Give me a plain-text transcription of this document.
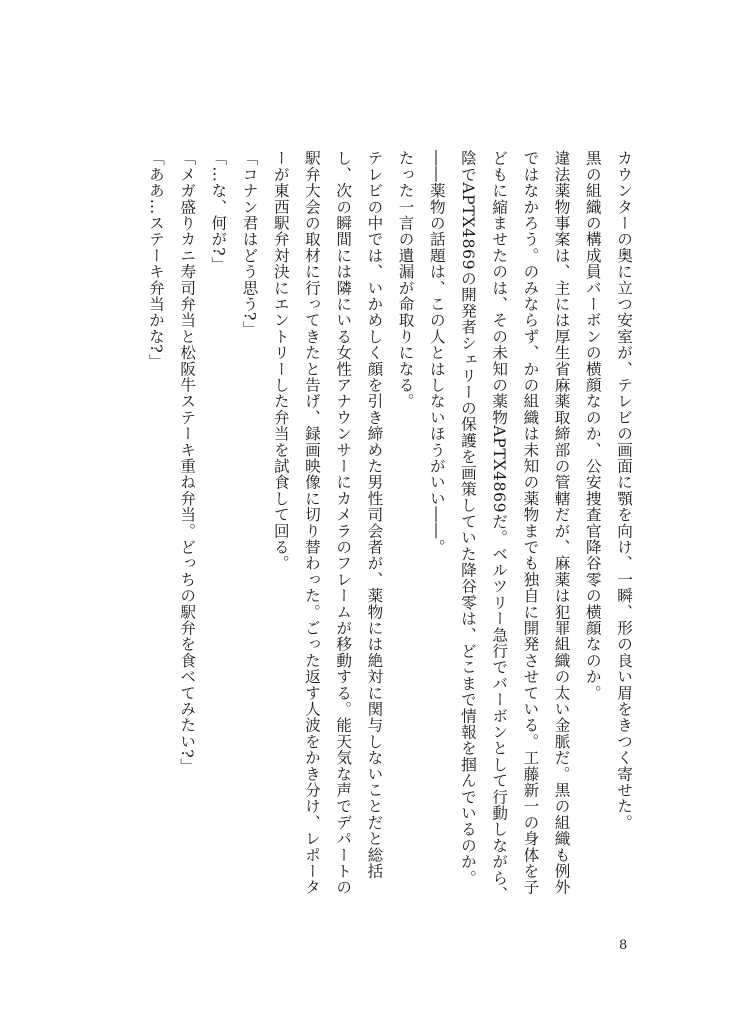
カウンターの奥に立つ安室が、テレビの画面に顎を向け、一瞬、形の良い眉をきつく寄せた。

黒の組織の構成員バーボンの横顔なのか、公安捜査官降谷零の横顔なのか。

違法薬物事案は、主には厚生省麻薬取締部の管轄だが、麻薬は犯罪組織の太い金脈だ。黒の組織も例外ではなかろう。のみならず、かの組織は未知の薬物までも独自に開発させている。工藤新一の身体を子どもに縮ませたのは、その未知の薬物APTX4869だ。ベルツリー急行でバーボンとして行動しながら、陰でAPTX4869の開発者シェリーの保護を画策していた降谷零は、どこまで情報を掴んでいるのか。

――薬物の話題は、この人とはしないほうがいい――。

たった一言の遺漏が命取りになる。

テレビの中では、いかめしく顔を引き締めた男性司会者が、薬物には絶対に関与しないことだと総括し、次の瞬間には隣にいる女性アナウンサーにカメラのフレームが移動する。能天気な声でデパートの駅弁大会の取材に行ってきたと告げ、録画映像に切り替わった。ごった返す人波をかき分け、レポーターが東西駅弁対決にエントリーした弁当を試食して回る。

「コナン君はどう思う?」

「…な、何が?」

「メガ盛りカニ寿司弁当と松阪牛ステーキ重ね弁当。どっちの駅弁を食べてみたい?」

「ああ…ステーキ弁当かな?」

8
